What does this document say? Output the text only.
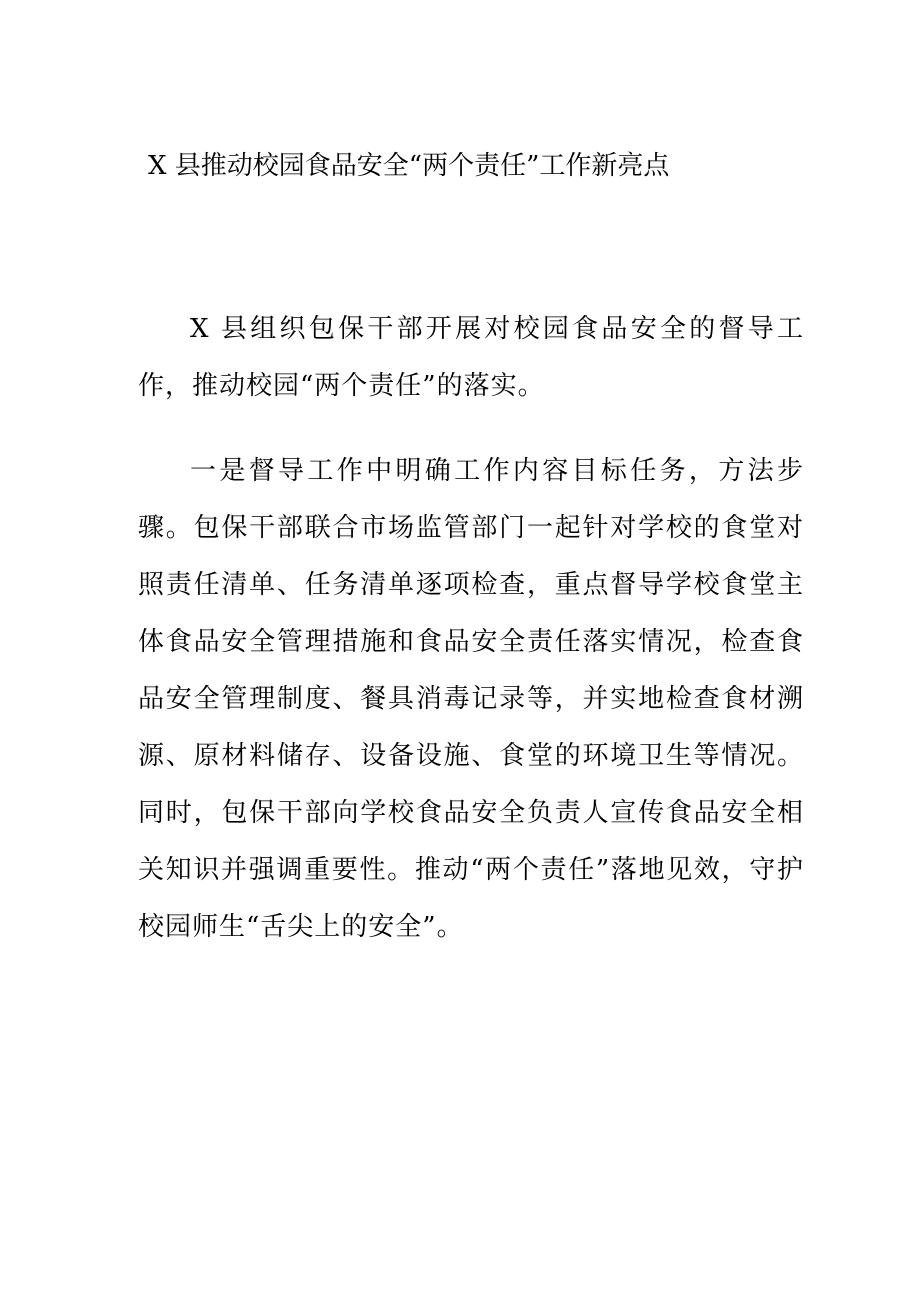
X 县推动校园食品安全“两个责任”工作新亮点

X 县组织包保干部开展对校园食品安全的督导工作，推动校园“两个责任”的落实。

一是督导工作中明确工作内容目标任务，方法步骤。包保干部联合市场监管部门一起针对学校的食堂对照责任清单、任务清单逐项检查，重点督导学校食堂主体食品安全管理措施和食品安全责任落实情况，检查食品安全管理制度、餐具消毒记录等，并实地检查食材溯源、原材料储存、设备设施、食堂的环境卫生等情况。同时，包保干部向学校食品安全负责人宣传食品安全相关知识并强调重要性。推动“两个责任”落地见效，守护校园师生“舌尖上的安全”。
